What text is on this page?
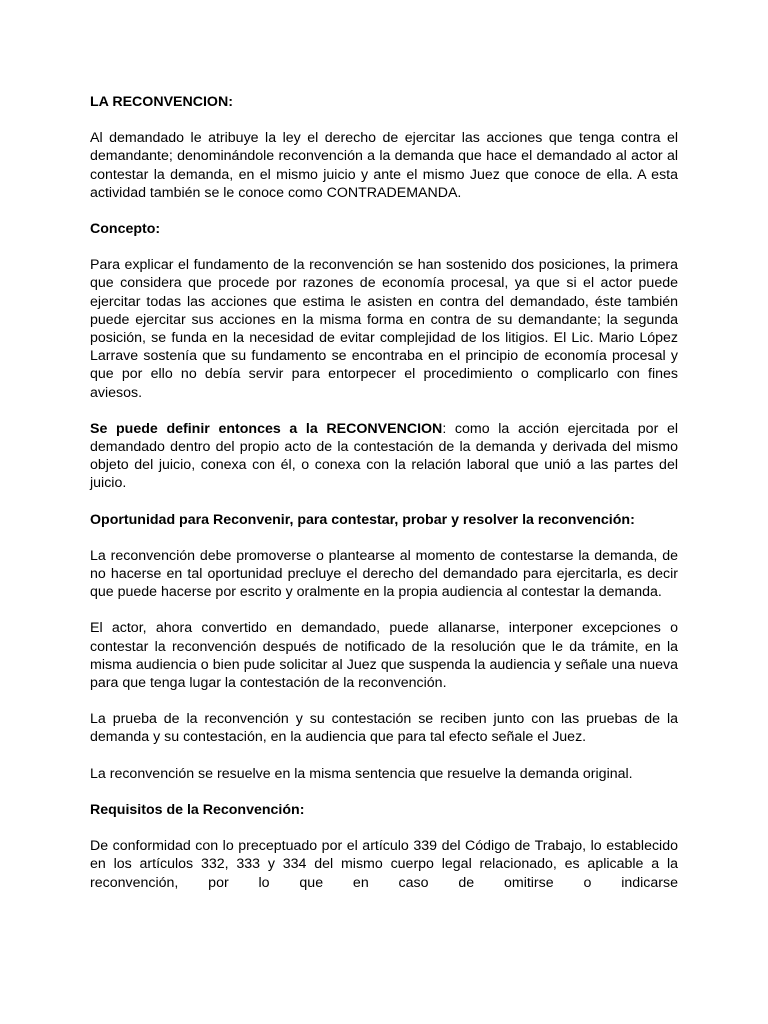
LA RECONVENCION:

Al demandado le atribuye la ley el derecho de ejercitar las acciones que tenga contra el demandante; denominándole reconvención a la demanda que hace el demandado al actor al contestar la demanda, en el mismo juicio y ante el mismo Juez que conoce de ella. A esta actividad también se le conoce como CONTRADEMANDA.

Concepto:

Para explicar el fundamento de la reconvención se han sostenido dos posiciones, la primera que considera que procede por razones de economía procesal, ya que si el actor puede ejercitar todas las acciones que estima le asisten en contra del demandado, éste también puede ejercitar sus acciones en la misma forma en contra de su demandante; la segunda posición, se funda en la necesidad de evitar complejidad de los litigios. El Lic. Mario López Larrave sostenía que su fundamento se encontraba en el principio de economía procesal y que por ello no debía servir para entorpecer el procedimiento o complicarlo con fines aviesos.

Se puede definir entonces a la RECONVENCION: como la acción ejercitada por el demandado dentro del propio acto de la contestación de la demanda y derivada del mismo objeto del juicio, conexa con él, o conexa con la relación laboral que unió a las partes del juicio.

Oportunidad para Reconvenir, para contestar, probar y resolver la reconvención:

La reconvención debe promoverse o plantearse al momento de contestarse la demanda, de no hacerse en tal oportunidad precluye el derecho del demandado para ejercitarla, es decir que puede hacerse por escrito y oralmente en la propia audiencia al contestar la demanda.

El actor, ahora convertido en demandado, puede allanarse, interponer excepciones o contestar la reconvención después de notificado de la resolución que le da trámite, en la misma audiencia o bien pude solicitar al Juez que suspenda la audiencia y señale una nueva para que tenga lugar la contestación de la reconvención.

La prueba de la reconvención y su contestación se reciben junto con las pruebas de la demanda y su contestación, en la audiencia que para tal efecto señale el Juez.

La reconvención se resuelve en la misma sentencia que resuelve la demanda original.

Requisitos de la Reconvención:

De conformidad con lo preceptuado por el artículo 339 del Código de Trabajo, lo establecido en los artículos 332, 333 y 334 del mismo cuerpo legal relacionado, es aplicable a la reconvención, por lo que en caso de omitirse o indicarse
